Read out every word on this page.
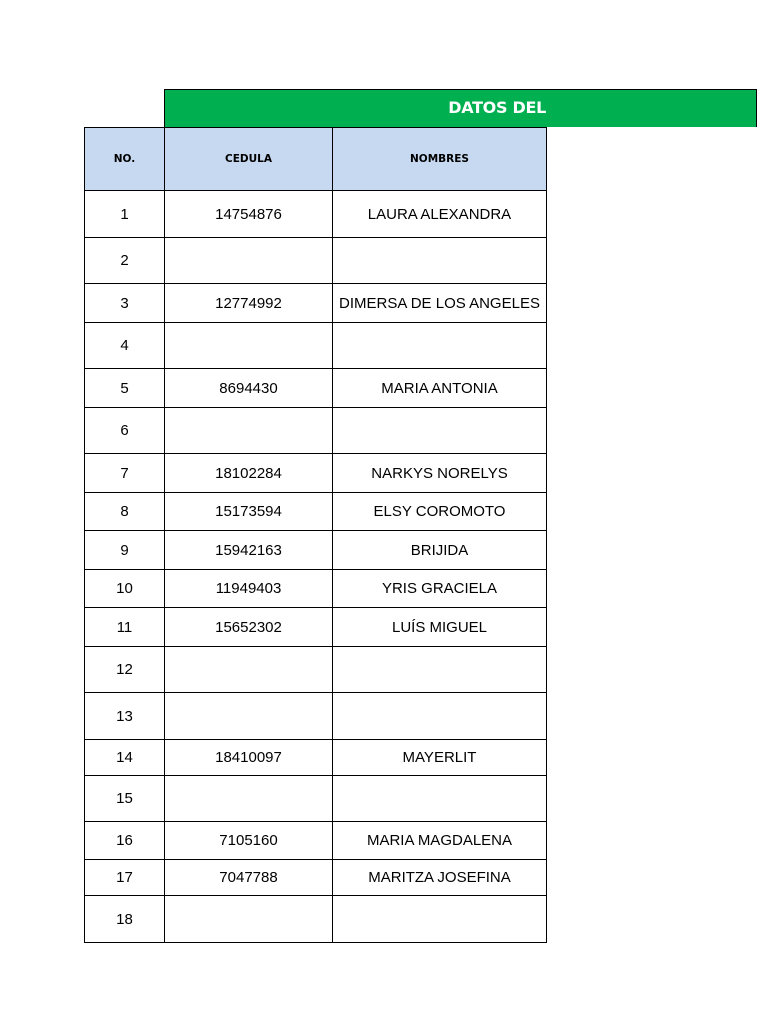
DATOS DEL
NO.	CEDULA	NOMBRES
1	14754876	LAURA ALEXANDRA
2		
3	12774992	DIMERSA DE LOS ANGELES
4		
5	8694430	MARIA ANTONIA
6		
7	18102284	NARKYS NORELYS
8	15173594	ELSY COROMOTO
9	15942163	BRIJIDA
10	11949403	YRIS GRACIELA
11	15652302	LUÍS MIGUEL
12		
13		
14	18410097	MAYERLIT
15		
16	7105160	MARIA MAGDALENA
17	7047788	MARITZA JOSEFINA
18		
